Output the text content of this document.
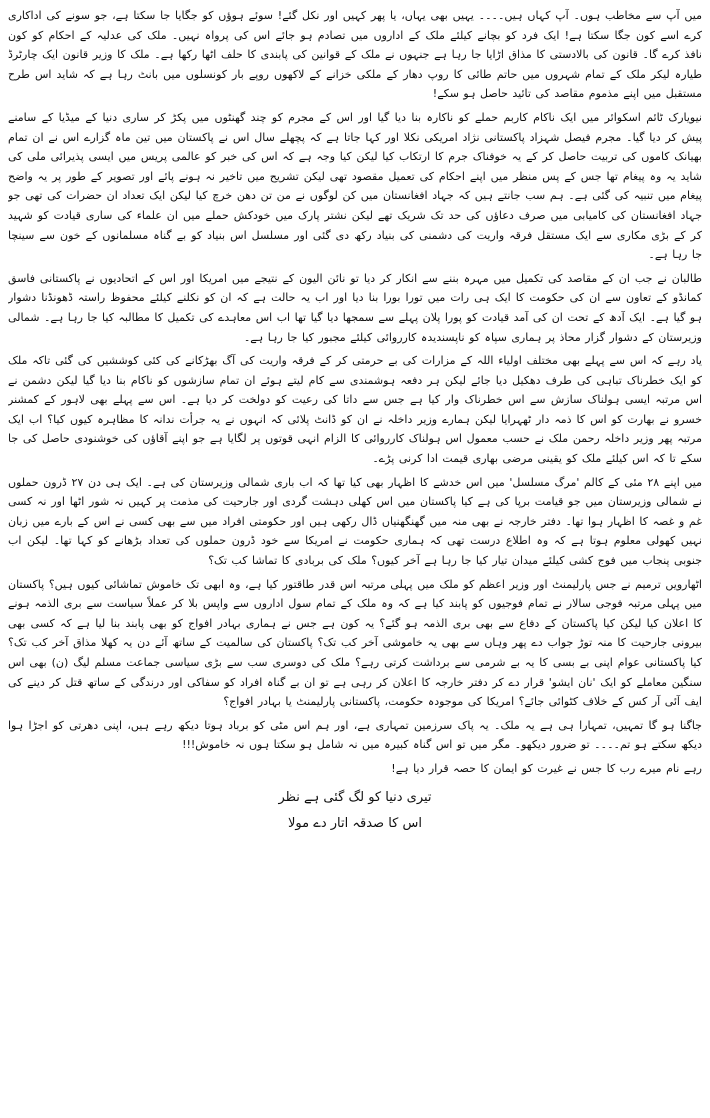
میں آپ سے مخاطب ہوں۔ آپ کہاں ہیں۔۔۔۔ یہیں بھی یہاں، یا پھر کہیں اور نکل گئے! سوئے ہوؤں کو جگایا جا سکتا ہے، جو سونے کی اداکاری کرے اسے کون جگا سکتا ہے! ایک فرد کو بچانے کیلئے ملک کے اداروں میں تصادم ہو جائے اس کی پرواہ نہیں۔ ملک کی عدلیہ کے احکام کو کون نافذ کرے گا۔ قانون کی بالادستی کا مذاق اڑایا جا رہا ہے جنہوں نے ملک کے قوانین کی پابندی کا حلف اٹھا رکھا ہے۔ ملک کا وزیر قانون ایک چارٹرڈ طیارہ لیکر ملک کے تمام شہروں میں حاتم طائی کا روپ دھار کے ملکی خزانے کے لاکھوں روپے بار کونسلوں میں بانٹ رہا ہے کہ شاید اس طرح مستقبل میں اپنے مذموم مقاصد کی تائید حاصل ہو سکے!

نیویارک ٹائم اسکوائر میں ایک ناکام کاربم حملے کو ناکارہ بنا دیا گیا اور اس کے مجرم کو چند گھنٹوں میں پکڑ کر ساری دنیا کے میڈیا کے سامنے پیش کر دیا گیا۔ مجرم فیصل شہزاد پاکستانی نژاد امریکی نکلا اور کہا جاتا ہے کہ پچھلے سال اس نے پاکستان میں تین ماہ گزارے اس نے ان تمام بھیانک کاموں کی تربیت حاصل کر کے یہ خوفناک جرم کا ارتکاب کیا لیکن کیا وجہ ہے کہ اس کی خبر کو عالمی پریس میں ایسی پذیرائی ملی کی شاید یہ وہ پیغام تھا جس کے پس منظر میں اپنے احکام کی تعمیل مقصود تھی لیکن تشریح میں تاخیر نہ ہونے پائے اور تصویر کے طور پر یہ واضح پیغام میں تنبیہ کی گئی ہے۔ ہم سب جانتے ہیں کہ جہاد افغانستان میں کن لوگوں نے من تن دھن خرچ کیا لیکن ایک تعداد ان حضرات کی تھی جو جہاد افغانستان کی کامیابی میں صرف دعاؤں کی حد تک شریک تھے لیکن نشتر پارک میں خودکش حملے میں ان علماء کی ساری قیادت کو شہید کر کے بڑی مکاری سے ایک مستقل فرقہ واریت کی دشمنی کی بنیاد رکھ دی گئی اور مسلسل اس بنیاد کو بے گناہ مسلمانوں کے خون سے سینچا جا رہا ہے۔

طالبان نے جب ان کے مقاصد کی تکمیل میں مہرہ بننے سے انکار کر دیا تو نائن الیون کے نتیجے میں امریکا اور اس کے اتحادیوں نے پاکستانی فاسق کمانڈو کے تعاون سے ان کی حکومت کا ایک ہی رات میں تورا بورا بنا دیا اور اب یہ حالت ہے کہ ان کو نکلنے کیلئے محفوظ راستہ ڈھونڈنا دشوار ہو گیا ہے۔ ایک آدھ کے تحت ان کی آمد قیادت کو پورا پلان پہلے سے سمجھا دیا گیا تھا اب اس معاہدے کی تکمیل کا مطالبہ کیا جا رہا ہے۔ شمالی وزیرستان کے دشوار گزار محاذ پر ہماری سپاہ کو ناپسندیدہ کارروائی کیلئے مجبور کیا جا رہا ہے۔

یاد رہے کہ اس سے پہلے بھی مختلف اولیاء اللہ کے مزارات کی بے حرمتی کر کے فرقہ واریت کی آگ بھڑکانے کی کئی کوششیں کی گئی تاکہ ملک کو ایک خطرناک تباہی کی طرف دھکیل دیا جائے لیکن ہر دفعہ ہوشمندی سے کام لیتے ہوئے ان تمام سازشوں کو ناکام بنا دیا گیا لیکن دشمن نے اس مرتبہ ایسی ہولناک سازش سے اس خطرناک وار کیا ہے جس سے داتا کی رعیت کو دولخت کر دیا ہے۔ اس سے پہلے بھی لاہور کے کمشنر خسرو نے بھارت کو اس کا ذمہ دار ٹھہرایا لیکن ہمارے وزیر داخلہ نے ان کو ڈانٹ پلائی کہ انہوں نے یہ جرأت ندانہ کا مظاہرہ کیوں کیا؟ اب ایک مرتبہ پھر وزیر داخلہ رحمن ملک نے حسب معمول اس ہولناک کارروائی کا الزام انہی قوتوں پر لگایا ہے جو اپنے آقاؤں کی خوشنودی حاصل کی جا سکے تا کہ اس کیلئے ملک کو یقینی مرضی بھاری قیمت ادا کرنی پڑے۔

میں اپنے ۲۸ مئی کے کالم 'مرگ مسلسل' میں اس خدشے کا اظہار بھی کیا تھا کہ اب باری شمالی وزیرستان کی ہے۔ ایک ہی دن ۲۷ ڈرون حملوں نے شمالی وزیرستان میں جو قیامت برپا کی ہے کیا پاکستان میں اس کھلی دہشت گردی اور جارحیت کی مذمت پر کہیں نہ شور اٹھا اور نہ کسی غم و غصہ کا اظہار ہوا تھا۔ دفتر خارجہ نے بھی منہ میں گھنگھنیاں ڈال رکھی ہیں اور حکومتی افراد میں سے بھی کسی نے اس کے بارے میں زبان نہیں کھولی معلوم ہوتا ہے کہ وہ اطلاع درست تھی کہ ہماری حکومت نے امریکا سے خود ڈرون حملوں کی تعداد بڑھانے کو کہا تھا۔ لیکن اب جنوبی پنجاب میں فوج کشی کیلئے میدان تیار کیا جا رہا ہے آخر کیوں؟ ملک کی بربادی کا تماشا کب تک؟

اٹھارویں ترمیم نے جس پارلیمنٹ اور وزیر اعظم کو ملک میں پہلی مرتبہ اس قدر طاقتور کیا ہے، وہ ابھی تک خاموش تماشائی کیوں ہیں؟ پاکستان میں پہلی مرتبہ فوجی سالار نے تمام فوجیوں کو پابند کیا ہے کہ وہ ملک کے تمام سول اداروں سے واپس بلا کر عملاً سیاست سے بری الذمہ ہونے کا اعلان کیا لیکن کیا پاکستان کے دفاع سے بھی بری الذمہ ہو گئے؟ یہ کون ہے جس نے ہماری بہادر افواج کو بھی پابند بنا لیا ہے کہ کسی بھی بیرونی جارحیت کا منہ توڑ جواب دے پھر وہاں سے بھی یہ خاموشی آخر کب تک؟ پاکستان کی سالمیت کے ساتھ آئے دن یہ کھلا مذاق آخر کب تک؟ کیا پاکستانی عوام اپنی بے بسی کا یہ بے شرمی سے برداشت کرتی رہے؟ ملک کی دوسری سب سے بڑی سیاسی جماعت مسلم لیگ (ن) بھی اس سنگین معاملے کو ایک 'نان ایشو' قرار دے کر دفتر خارجہ کا اعلان کر رہی ہے تو ان بے گناہ افراد کو سفاکی اور درندگی کے ساتھ قتل کر دینے کی ایف آئی آر کس کے خلاف کٹوائی جائے؟ امریکا کی موجودہ حکومت، پاکستانی پارلیمنٹ یا بہادر افواج؟

جاگنا ہو گا تمہیں، تمہارا ہی ہے یہ ملک۔ یہ پاک سرزمین تمہاری ہے، اور ہم اس مٹی کو برباد ہوتا دیکھ رہے ہیں، اپنی دھرتی کو اجڑا ہوا دیکھ سکتے ہو تم۔۔۔۔ تو ضرور دیکھو۔ مگر میں تو اس گناہ کبیرہ میں نہ شامل ہو سکتا ہوں نہ خاموش!!!

رہے نام میرے رب کا جس نے غیرت کو ایمان کا حصہ قرار دیا ہے!

تیری دنیا کو لگ گئی ہے نظر
اس کا صدقہ اتار دے مولا
